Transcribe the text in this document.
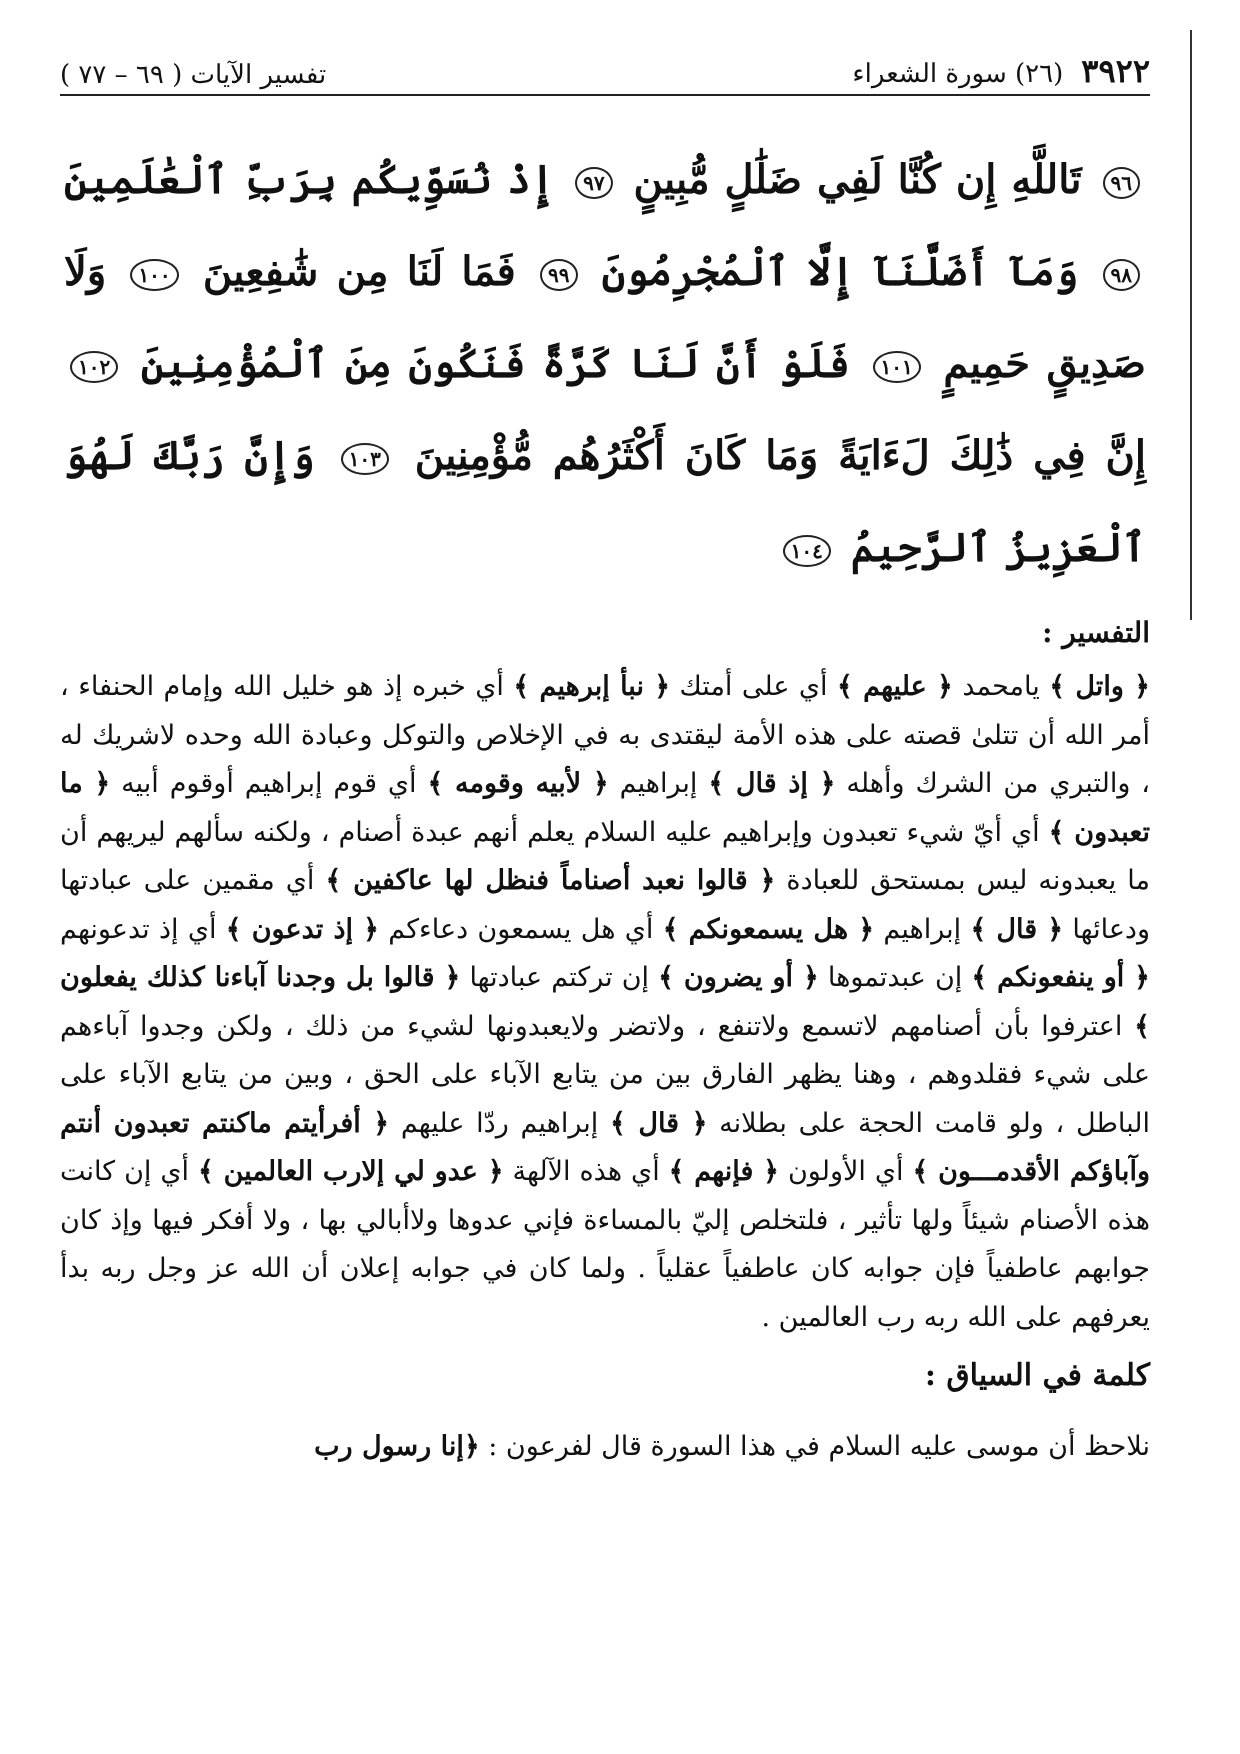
٣٩٢٢
(٢٦) سورة الشعراء
تفسير الآيات ( ٦٩ – ٧٧ )
٩٦ تَاللَّهِ إِن كُنَّا لَفِي ضَلَٰلٍ مُّبِينٍ ٩٧ إِذْ نُسَوِّيكُم بِرَبِّ ٱلْعَٰلَمِينَ ٩٨ وَمَآ أَضَلَّنَآ إِلَّا ٱلْمُجْرِمُونَ ٩٩ فَمَا لَنَا مِن شَٰفِعِينَ ١٠٠ وَلَا صَدِيقٍ حَمِيمٍ ١٠١ فَلَوْ أَنَّ لَنَا كَرَّةً فَنَكُونَ مِنَ ٱلْمُؤْمِنِينَ ١٠٢ إِنَّ فِي ذَٰلِكَ لَءَايَةً وَمَا كَانَ أَكْثَرُهُم مُّؤْمِنِينَ ١٠٣ وَإِنَّ رَبَّكَ لَهُوَ ٱلْعَزِيزُ ٱلرَّحِيمُ ١٠٤
التفسير :

﴿ واتل ﴾ يامحمد ﴿ عليهم ﴾ أي على أمتك ﴿ نبأ إبرهيم ﴾ أي خبره إذ هو خليل الله وإمام الحنفاء ، أمر الله أن تتلىٰ قصته على هذه الأمة ليقتدى به في الإخلاص والتوكل وعبادة الله وحده لاشريك له ، والتبري من الشرك وأهله ﴿ إذ قال ﴾ إبراهيم ﴿ لأبيه وقومه ﴾ أي قوم إبراهيم أوقوم أبيه ﴿ ما تعبدون ﴾ أي أيّ شيء تعبدون وإبراهيم عليه السلام يعلم أنهم عبدة أصنام ، ولكنه سألهم ليريهم أن ما يعبدونه ليس بمستحق للعبادة ﴿ قالوا نعبد أصناماً فنظل لها عاكفين ﴾ أي مقمين على عبادتها ودعائها ﴿ قال ﴾ إبراهيم ﴿ هل يسمعونكم ﴾ أي هل يسمعون دعاءكم ﴿ إذ تدعون ﴾ أي إذ تدعونهم ﴿ أو ينفعونكم ﴾ إن عبدتموها ﴿ أو يضرون ﴾ إن تركتم عبادتها ﴿ قالوا بل وجدنا آباءنا كذلك يفعلون ﴾ اعترفوا بأن أصنامهم لاتسمع ولاتنفع ، ولاتضر ولايعبدونها لشيء من ذلك ، ولكن وجدوا آباءهم على شيء فقلدوهم ، وهنا يظهر الفارق بين من يتابع الآباء على الحق ، وبين من يتابع الآباء على الباطل ، ولو قامت الحجة على بطلانه ﴿ قال ﴾ إبراهيم ردّا عليهم ﴿ أفرأيتم ماكنتم تعبدون أنتم وآباؤكم الأقدمـــون ﴾ أي الأولون ﴿ فإنهم ﴾ أي هذه الآلهة ﴿ عدو لي إلارب العالمين ﴾ أي إن كانت هذه الأصنام شيئاً ولها تأثير ، فلتخلص إليّ بالمساءة فإني عدوها ولاأبالي بها ، ولا أفكر فيها وإذ كان جوابهم عاطفياً فإن جوابه كان عاطفياً عقلياً . ولما كان في جوابه إعلان أن الله عز وجل ربه بدأ يعرفهم على الله ربه رب العالمين .

كلمة في السياق :

نلاحظ أن موسى عليه السلام في هذا السورة قال لفرعون : ﴿إنا رسول رب
